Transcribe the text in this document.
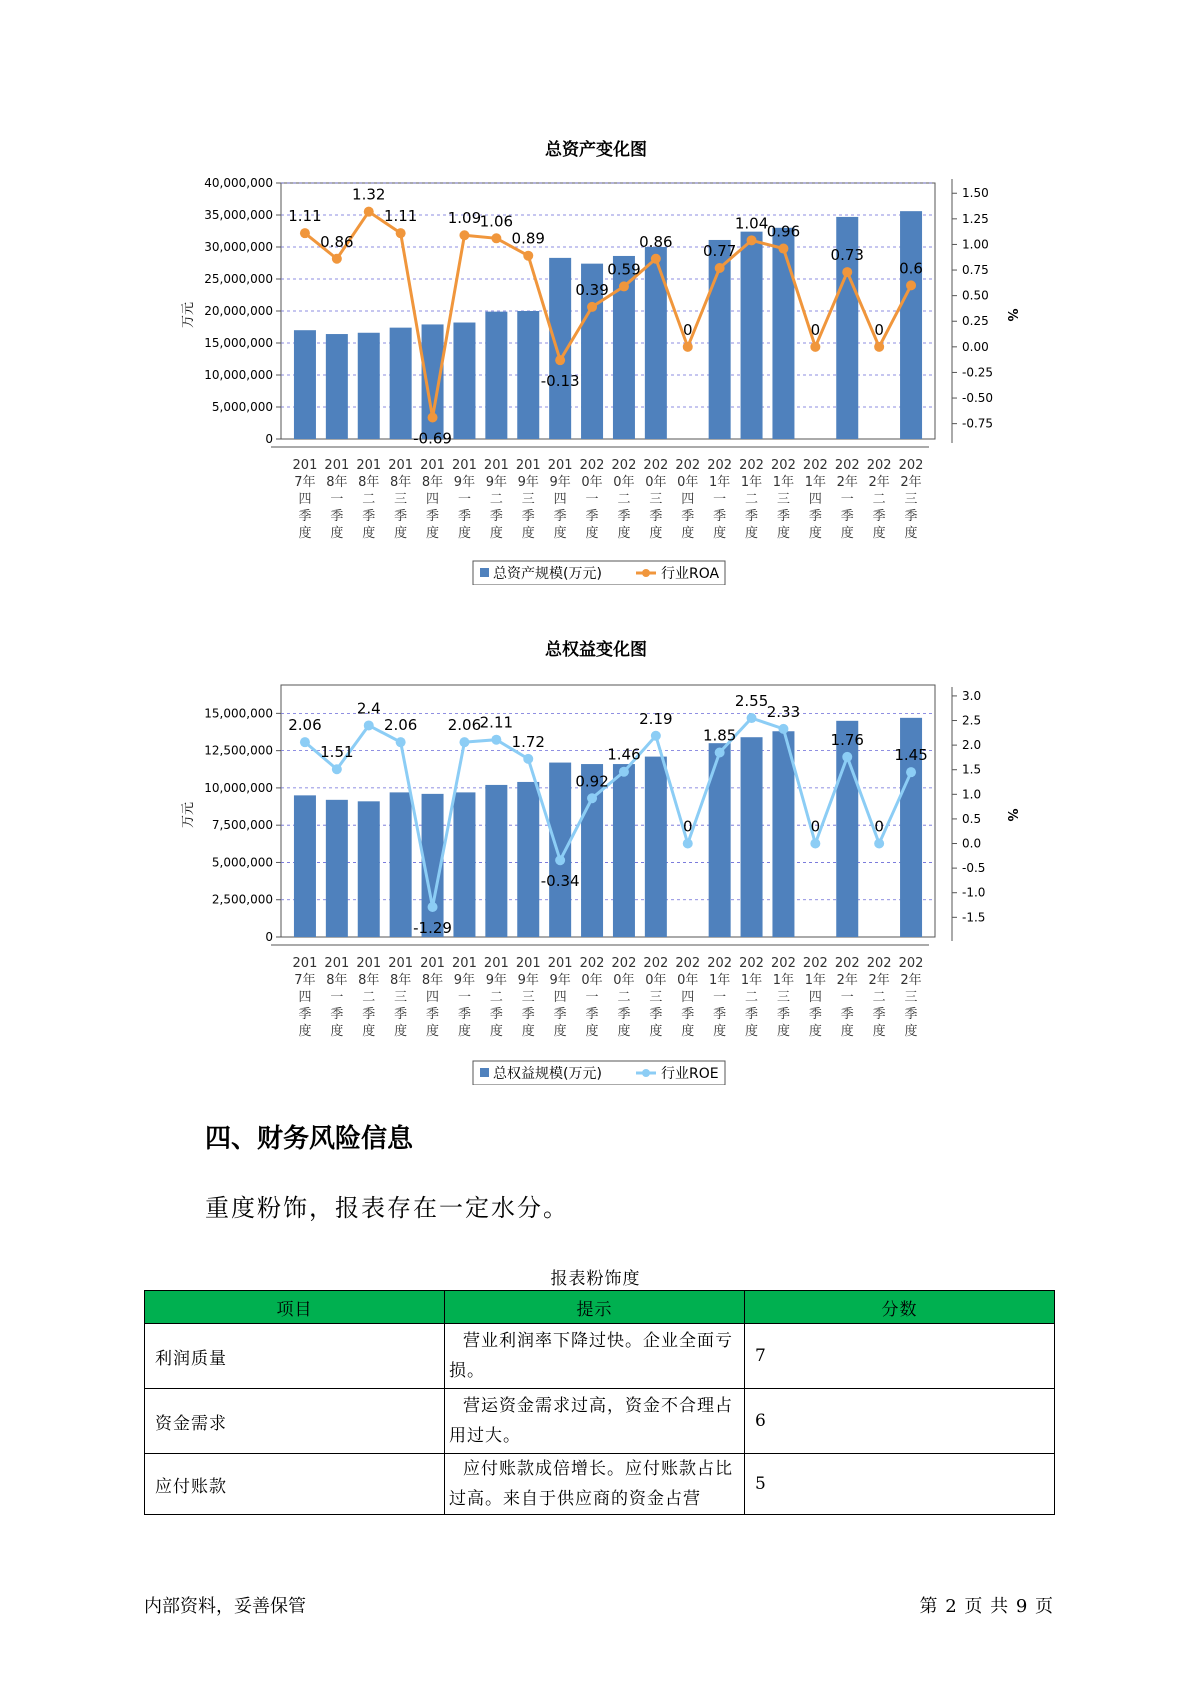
总资产变化图
40,000,000
35,000,000
30,000,000
25,000,000
20,000,000
15,000,000
10,000,000
5,000,000
0
1.50
1.25
1.00
0.75
0.50
0.25
0.00
-0.25
-0.50
-0.75
1.11
0.86
1.32
1.11
-0.69
1.09
1.06
0.89
-0.13
0.39
0.59
0.86
0
0.77
1.04
0.96
0
0.73
0
0.6
201 7年四季度
201 8年一季度
201 8年二季度
201 8年三季度
201 8年四季度
201 9年一季度
201 9年二季度
201 9年三季度
201 9年四季度
202 0年一季度
202 0年二季度
202 0年三季度
202 0年四季度
202 1年一季度
202 1年二季度
202 1年三季度
202 1年四季度
202 2年一季度
202 2年二季度
202 2年三季度
万元	%
总资产规模(万元)	行业ROA
总权益变化图
15,000,000
12,500,000
10,000,000
7,500,000
5,000,000
2,500,000
0
3.0
2.5
2.0
1.5
1.0
0.5
0.0
-0.5
-1.0
-1.5
2.06
1.51
2.4
2.06
-1.29
2.06
2.11
1.72
-0.34
0.92
1.46
2.19
0
1.85
2.55
2.33
0
1.76
0
1.45
201 7年四季度
201 8年一季度
201 8年二季度
201 8年三季度
201 8年四季度
201 9年一季度
201 9年二季度
201 9年三季度
201 9年四季度
202 0年一季度
202 0年二季度
202 0年三季度
202 0年四季度
202 1年一季度
202 1年二季度
202 1年三季度
202 1年四季度
202 2年一季度
202 2年二季度
202 2年三季度
万元	%
总权益规模(万元)	行业ROE
四、财务风险信息
重度粉饰，报表存在一定水分。
报表粉饰度
项目	提示	分数
利润质量	营业利润率下降过快。企业全面亏损。	7
资金需求	营运资金需求过高，资金不合理占用过大。	6
应付账款	应付账款成倍增长。应付账款占比过高。来自于供应商的资金占营	5
内部资料，妥善保管	第 2 页 共 9 页
